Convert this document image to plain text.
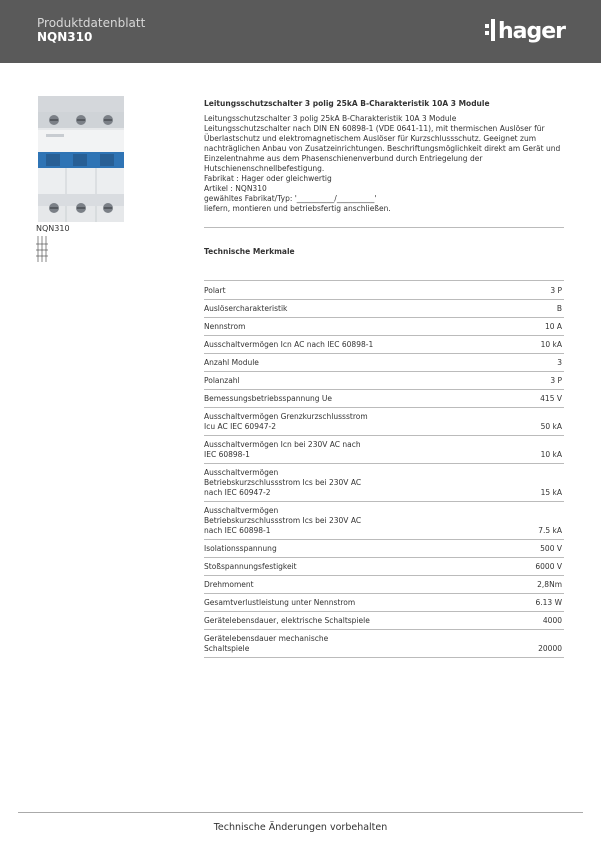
Produktdatenblatt
NQN310	hager
NQN310
Leitungsschutzschalter 3 polig 25kA B-Charakteristik 10A 3 Module
Leitungsschutzschalter 3 polig 25kA B-Charakteristik 10A 3 Module
Leitungsschutzschalter nach DIN EN 60898-1 (VDE 0641-11), mit thermischen Auslöser für
Überlastschutz und elektromagnetischem Auslöser für Kurzschlussschutz. Geeignet zum
nachträglichen Anbau von Zusatzeinrichtungen. Beschriftungsmöglichkeit direkt am Gerät und
Einzelentnahme aus dem Phasenschienenverbund durch Entriegelung der
Hutschienenschnellbefestigung.
Fabrikat : Hager oder gleichwertig
Artikel : NQN310
gewähltes Fabrikat/Typ: '__________/__________'
liefern, montieren und betriebsfertig anschließen.
Technische Merkmale
Polart	3 P
Auslösercharakteristik	B
Nennstrom	10 A
Ausschaltvermögen Icn AC nach IEC 60898-1	10 kA
Anzahl Module	3
Polanzahl	3 P
Bemessungsbetriebsspannung Ue	415 V
Ausschaltvermögen Grenzkurzschlussstrom Icu AC IEC 60947-2	50 kA
Ausschaltvermögen Icn bei 230V AC nach IEC 60898-1	10 kA
Ausschaltvermögen Betriebskurzschlussstrom Ics bei 230V AC nach IEC 60947-2	15 kA
Ausschaltvermögen Betriebskurzschlussstrom Ics bei 230V AC nach IEC 60898-1	7.5 kA
Isolationsspannung	500 V
Stoßspannungsfestigkeit	6000 V
Drehmoment	2,8Nm
Gesamtverlustleistung unter Nennstrom	6.13 W
Gerätelebensdauer, elektrische Schaltspiele	4000
Gerätelebensdauer mechanische Schaltspiele	20000
Technische Änderungen vorbehalten
